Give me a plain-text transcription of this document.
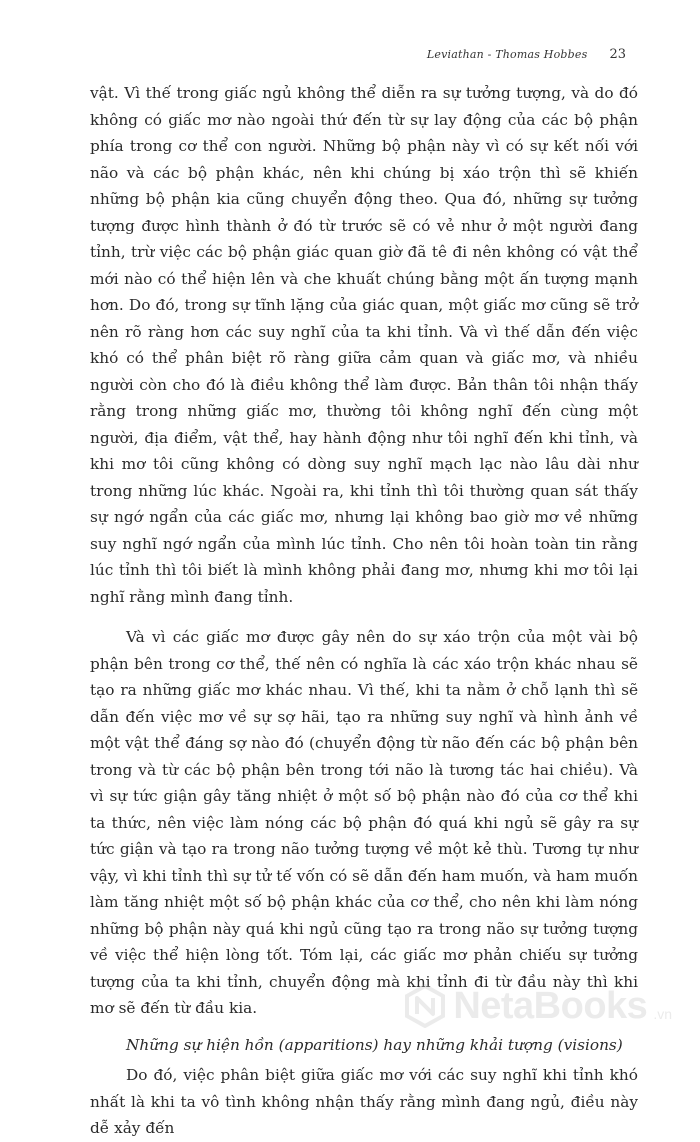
Leviathan - Thomas Hobbes 23

vật. Vì thế trong giấc ngủ không thể diễn ra sự tưởng tượng, và do đó không có giấc mơ nào ngoài thứ đến từ sự lay động của các bộ phận phía trong cơ thể con người. Những bộ phận này vì có sự kết nối với não và các bộ phận khác, nên khi chúng bị xáo trộn thì sẽ khiến những bộ phận kia cũng chuyển động theo. Qua đó, những sự tưởng tượng được hình thành ở đó từ trước sẽ có vẻ như ở một người đang tỉnh, trừ việc các bộ phận giác quan giờ đã tê đi nên không có vật thể mới nào có thể hiện lên và che khuất chúng bằng một ấn tượng mạnh hơn. Do đó, trong sự tĩnh lặng của giác quan, một giấc mơ cũng sẽ trở nên rõ ràng hơn các suy nghĩ của ta khi tỉnh. Và vì thế dẫn đến việc khó có thể phân biệt rõ ràng giữa cảm quan và giấc mơ, và nhiều người còn cho đó là điều không thể làm được. Bản thân tôi nhận thấy rằng trong những giấc mơ, thường tôi không nghĩ đến cùng một người, địa điểm, vật thể, hay hành động như tôi nghĩ đến khi tỉnh, và khi mơ tôi cũng không có dòng suy nghĩ mạch lạc nào lâu dài như trong những lúc khác. Ngoài ra, khi tỉnh thì tôi thường quan sát thấy sự ngớ ngẩn của các giấc mơ, nhưng lại không bao giờ mơ về những suy nghĩ ngớ ngẩn của mình lúc tỉnh. Cho nên tôi hoàn toàn tin rằng lúc tỉnh thì tôi biết là mình không phải đang mơ, nhưng khi mơ tôi lại nghĩ rằng mình đang tỉnh.

Và vì các giấc mơ được gây nên do sự xáo trộn của một vài bộ phận bên trong cơ thể, thế nên có nghĩa là các xáo trộn khác nhau sẽ tạo ra những giấc mơ khác nhau. Vì thế, khi ta nằm ở chỗ lạnh thì sẽ dẫn đến việc mơ về sự sợ hãi, tạo ra những suy nghĩ và hình ảnh về một vật thể đáng sợ nào đó (chuyển động từ não đến các bộ phận bên trong và từ các bộ phận bên trong tới não là tương tác hai chiều). Và vì sự tức giận gây tăng nhiệt ở một số bộ phận nào đó của cơ thể khi ta thức, nên việc làm nóng các bộ phận đó quá khi ngủ sẽ gây ra sự tức giận và tạo ra trong não tưởng tượng về một kẻ thù. Tương tự như vậy, vì khi tỉnh thì sự tử tế vốn có sẽ dẫn đến ham muốn, và ham muốn làm tăng nhiệt một số bộ phận khác của cơ thể, cho nên khi làm nóng những bộ phận này quá khi ngủ cũng tạo ra trong não sự tưởng tượng về việc thể hiện lòng tốt. Tóm lại, các giấc mơ phản chiếu sự tưởng tượng của ta khi tỉnh, chuyển động mà khi tỉnh đi từ đầu này thì khi mơ sẽ đến từ đầu kia.

Những sự hiện hồn (apparitions) hay những khải tượng (visions)

Do đó, việc phân biệt giữa giấc mơ với các suy nghĩ khi tỉnh khó nhất là khi ta vô tình không nhận thấy rằng mình đang ngủ, điều này dễ xảy đến

NetaBooks .vn
